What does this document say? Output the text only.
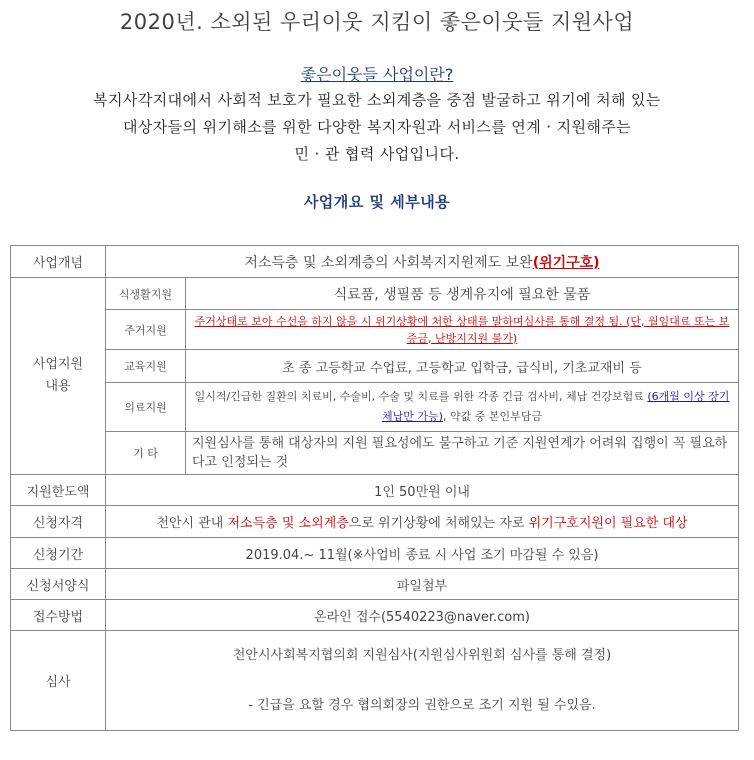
2020년. 소외된 우리이웃 지킴이 좋은이웃들 지원사업
좋은이웃들 사업이란?
복지사각지대에서 사회적 보호가 필요한 소외계층을 중점 발굴하고 위기에 처해 있는
대상자들의 위기해소를 위한 다양한 복지자원과 서비스를 연계 · 지원해주는
민 · 관 협력 사업입니다.
사업개요 및 세부내용
사업개념	저소득층 및 소외계층의 사회복지지원제도 보완(위기구호)	

사업지원
내용	식생활지원	식료품, 생필품 등 생계유지에 필요한 물품
	주거지원	주거상태로 보아 수선을 하지 않을 시 위기상황에 처한 상태를 말하며심사를 통해 결정 됨. (단, 월임대료 또는 보증금, 난방지지원 불가)
	교육지원	초 종 고등학교 수업료, 고등학교 입학금, 급식비, 기초교재비 등
	의료지원	일시적/긴급한 질환의 치료비, 수술비, 수술 및 치료를 위한 각종 긴급 검사비, 체납 건강보험료 (6개월 이상 장기체납만 가능), 약값 중 본인부담금
	기 타	지원심사를 통해 대상자의 지원 필요성에도 불구하고 기준 지원연계가 어려워 집행이 꼭 필요하다고 인정되는 것
지원한도액	1인 50만원 이내	
신청자격	천안시 관내 저소득층 및 소외계층으로 위기상황에 처해있는 자로 위기구호지원이 필요한 대상	
신청기간	2019.04.~ 11월(※사업비 종료 시 사업 조기 마감될 수 있음)	
신청서양식	파일첨부	
접수방법	온라인 접수(5540223@naver.com)	
심사	천안시사회복지협의회 지원심사(지원심사위원회 심사를 통해 결정)
- 긴급을 요할 경우 협의회장의 권한으로 조기 지원 될 수있음.	
